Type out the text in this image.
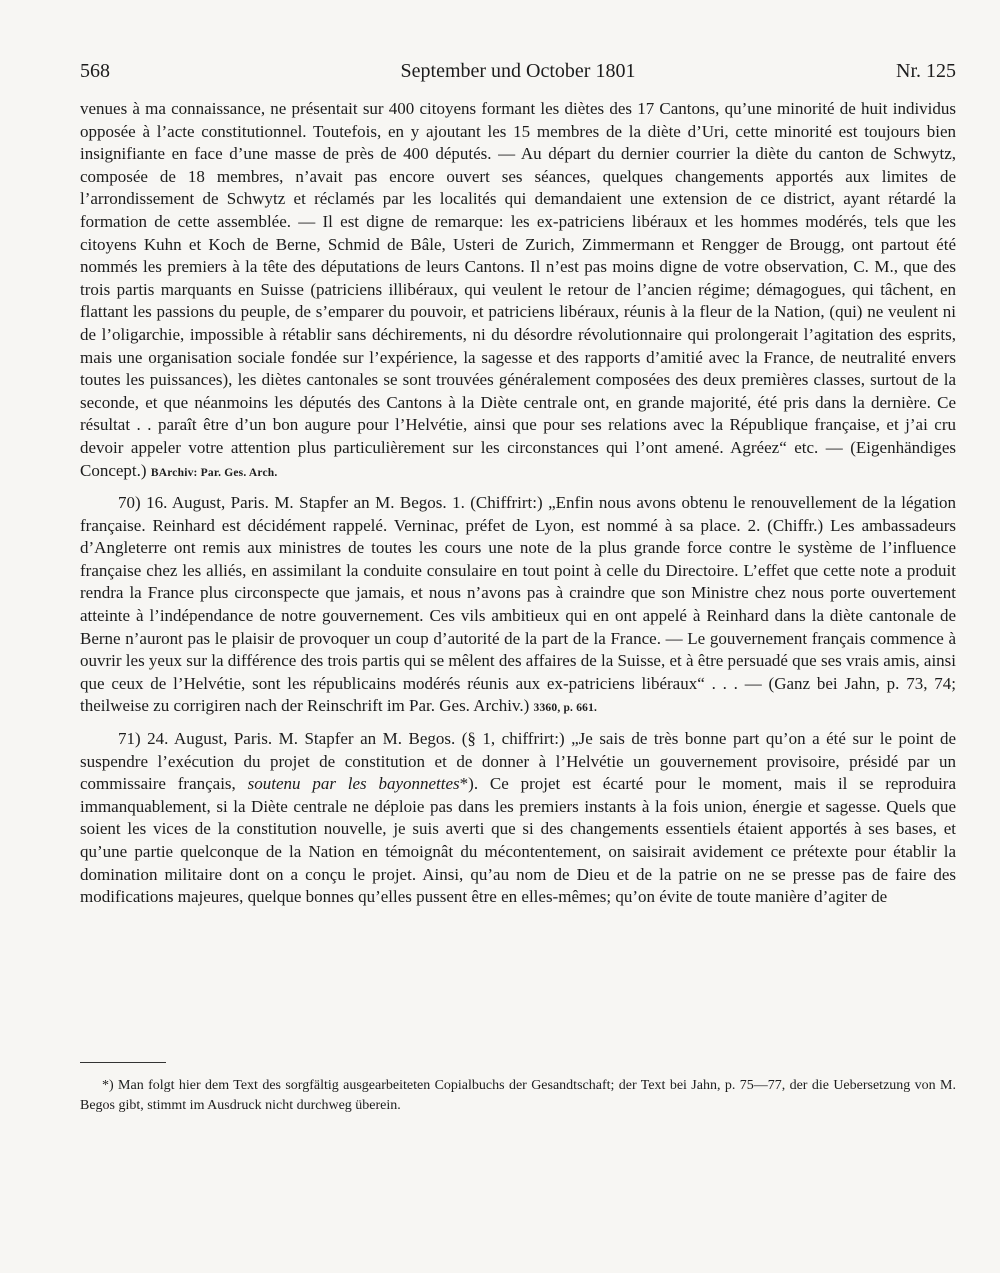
568	September und October 1801	Nr. 125

venues à ma connaissance, ne présentait sur 400 citoyens formant les diètes des 17 Cantons, qu’une minorité de huit individus opposée à l’acte constitutionnel. Toutefois, en y ajoutant les 15 membres de la diète d’Uri, cette minorité est toujours bien insignifiante en face d’une masse de près de 400 députés. — Au départ du dernier courrier la diète du canton de Schwytz, composée de 18 membres, n’avait pas encore ouvert ses séances, quelques changements apportés aux limites de l’arrondissement de Schwytz et réclamés par les localités qui demandaient une extension de ce district, ayant rétardé la formation de cette assemblée. — Il est digne de remarque: les ex-patriciens libéraux et les hommes modérés, tels que les citoyens Kuhn et Koch de Berne, Schmid de Bâle, Usteri de Zurich, Zimmermann et Rengger de Brougg, ont partout été nommés les premiers à la tête des députations de leurs Cantons. Il n’est pas moins digne de votre observation, C. M., que des trois partis marquants en Suisse (patriciens illibéraux, qui veulent le retour de l’ancien régime; démagogues, qui tâchent, en flattant les passions du peuple, de s’emparer du pouvoir, et patriciens libéraux, réunis à la fleur de la Nation, (qui) ne veulent ni de l’oligarchie, impossible à rétablir sans déchirements, ni du désordre révolutionnaire qui prolongerait l’agitation des esprits, mais une organisation sociale fondée sur l’expérience, la sagesse et des rapports d’amitié avec la France, de neutralité envers toutes les puissances), les diètes cantonales se sont trouvées généralement composées des deux premières classes, surtout de la seconde, et que néanmoins les députés des Cantons à la Diète centrale ont, en grande majorité, été pris dans la dernière. Ce résultat . . paraît être d’un bon augure pour l’Helvétie, ainsi que pour ses relations avec la République française, et j’ai cru devoir appeler votre attention plus particulièrement sur les circonstances qui l’ont amené. Agréez“ etc. — (Eigenhändiges Concept.) BArchiv: Par. Ges. Arch.

70) 16. August, Paris. M. Stapfer an M. Begos. 1. (Chiffrirt:) „Enfin nous avons obtenu le renouvellement de la légation française. Reinhard est décidément rappelé. Verninac, préfet de Lyon, est nommé à sa place. 2. (Chiffr.) Les ambassadeurs d’Angleterre ont remis aux ministres de toutes les cours une note de la plus grande force contre le système de l’influence française chez les alliés, en assimilant la conduite consulaire en tout point à celle du Directoire. L’effet que cette note a produit rendra la France plus circonspecte que jamais, et nous n’avons pas à craindre que son Ministre chez nous porte ouvertement atteinte à l’indépendance de notre gouvernement. Ces vils ambitieux qui en ont appelé à Reinhard dans la diète cantonale de Berne n’auront pas le plaisir de provoquer un coup d’autorité de la part de la France. — Le gouvernement français commence à ouvrir les yeux sur la différence des trois partis qui se mêlent des affaires de la Suisse, et à être persuadé que ses vrais amis, ainsi que ceux de l’Helvétie, sont les républicains modérés réunis aux ex-patriciens libéraux“ . . . — (Ganz bei Jahn, p. 73, 74; theilweise zu corrigiren nach der Reinschrift im Par. Ges. Archiv.) 3360, p. 661.

71) 24. August, Paris. M. Stapfer an M. Begos. (§ 1, chiffrirt:) „Je sais de très bonne part qu’on a été sur le point de suspendre l’exécution du projet de constitution et de donner à l’Helvétie un gouvernement provisoire, présidé par un commissaire français, soutenu par les bayonnettes*). Ce projet est écarté pour le moment, mais il se reproduira immanquablement, si la Diète centrale ne déploie pas dans les premiers instants à la fois union, énergie et sagesse. Quels que soient les vices de la constitution nouvelle, je suis averti que si des changements essentiels étaient apportés à ses bases, et qu’une partie quelconque de la Nation en témoignât du mécontentement, on saisirait avidement ce prétexte pour établir la domination militaire dont on a conçu le projet. Ainsi, qu’au nom de Dieu et de la patrie on ne se presse pas de faire des modifications majeures, quelque bonnes qu’elles pussent être en elles-mêmes; qu’on évite de toute manière d’agiter de

*) Man folgt hier dem Text des sorgfältig ausgearbeiteten Copialbuchs der Gesandtschaft; der Text bei Jahn, p. 75—77, der die Uebersetzung von M. Begos gibt, stimmt im Ausdruck nicht durchweg überein.
